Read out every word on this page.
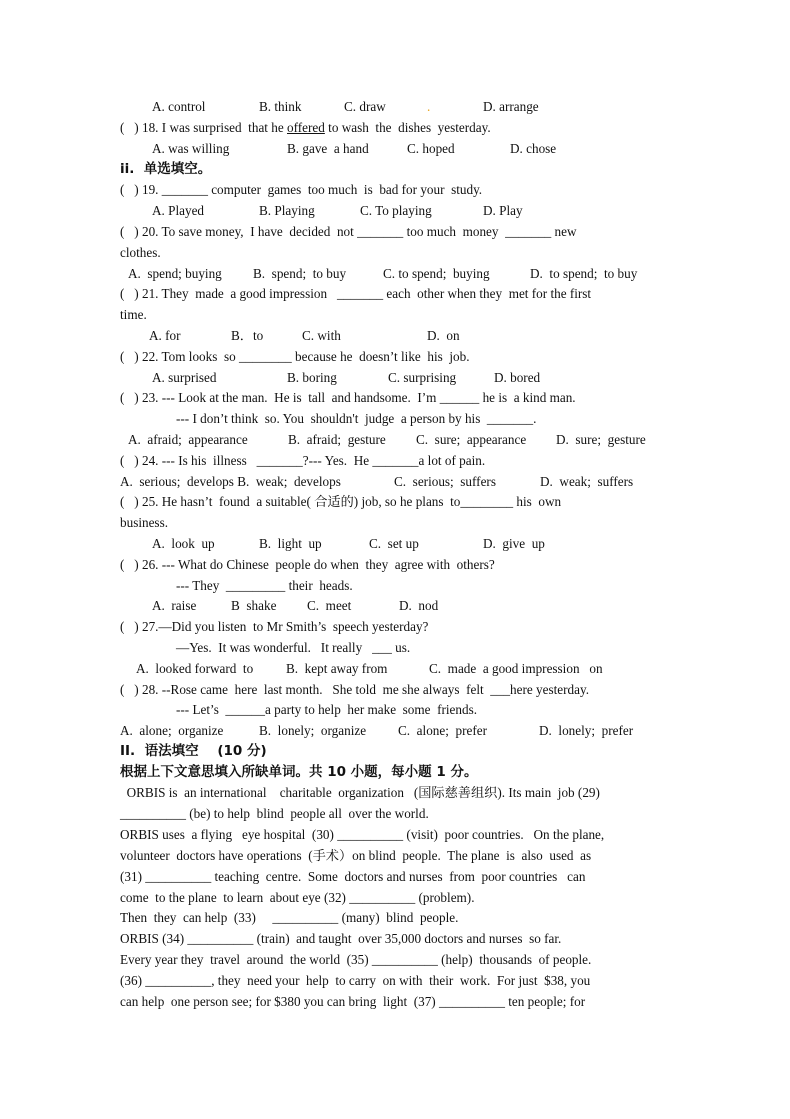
A. control	B. think	C. draw	.	D. arrange
(   ) 18. I was surprised  that he offered to wash  the  dishes  yesterday.
A. was willing	B. gave  a hand	C. hoped	D. chose
ii.  单选填空。
(   ) 19. _______ computer  games  too much  is  bad for your  study.
A. Played	B. Playing	C. To playing	D. Play
(   ) 20. To save money,  I have  decided  not _______ too much  money  _______ new
clothes.
A.  spend; buying B.  spend;  to buy	C. to spend;  buying	D.  to spend;  to buy
(   ) 21. They  made  a good impression   _______ each  other when they  met for the first
time.
A. for	B．to	C. with	D.  on
(   ) 22. Tom looks  so ________ because he  doesn’t like  his  job.
A. surprised	B. boring	C. surprising	D. bored
(   ) 23. --- Look at the man.  He is  tall  and handsome.  I’m ______ he is  a kind man.
--- I don’t think  so. You  shouldn't  judge  a person by his  _______.
A.  afraid;  appearance	B.  afraid;  gesture C.  sure;  appearance D.  sure;  gesture
(   ) 24. --- Is his  illness   _______?--- Yes.  He _______a lot of pain.
A.  serious;  develops B.  weak;  develops	C.  serious;  suffers	D.  weak;  suffers
(   ) 25. He hasn’t  found  a suitable( 合适的) job, so he plans  to________ his  own
business.
A.  look  up	B.  light  up	C.  set up	D.  give  up
(   ) 26. --- What do Chinese  people do when  they  agree with  others?
--- They  _________ their  heads.
A.  raise	B  shake C.  meet	D.  nod
(   ) 27.—Did you listen  to Mr Smith’s  speech yesterday?
—Yes.  It was wonderful.   It really   ___ us.
A.  looked forward  to B.  kept away from	C.  made  a good impression   on
(   ) 28. --Rose came  here  last month.   She told  me she always  felt  ___here yesterday.
--- Let’s  ______a party to help  her make  some  friends.
A.  alone;  organize	B.  lonely;  organize C.  alone;  prefer	D.  lonely;  prefer
II.  语法填空    (10 分)
根据上下文意思填入所缺单词。共 10 小题，每小题 1 分。
ORBIS is  an international    charitable  organization   (国际慈善组织). Its main  job (29)
__________ (be) to help  blind  people all  over the world.
ORBIS uses  a flying   eye hospital  (30) __________ (visit)  poor countries.   On the plane,
volunteer  doctors have operations  (手术）on blind  people.  The plane  is  also  used  as
(31) __________ teaching  centre.  Some  doctors and nurses  from  poor countries   can
come  to the plane  to learn  about eye (32) __________ (problem).
Then  they  can help  (33)     __________ (many)  blind  people.
ORBIS (34) __________ (train)  and taught  over 35,000 doctors and nurses  so far.
Every year they  travel  around  the world  (35) __________ (help)  thousands  of people.
(36) __________, they  need your  help  to carry  on with  their  work.  For just  $38, you
can help  one person see; for $380 you can bring  light  (37) __________ ten people; for
